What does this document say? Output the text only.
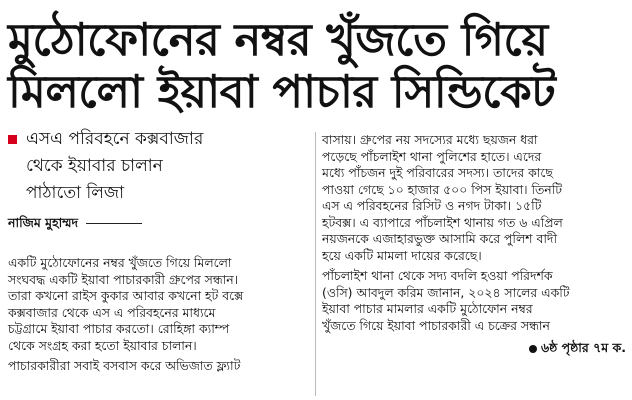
মুঠোফোনের নম্বর খুঁজতে গিয়ে
মিললো ইয়াবা পাচার সিন্ডিকেট
এসএ পরিবহনে কক্সবাজার
থেকে ইয়াবার চালান
পাঠাতো লিজা
নাজিম মুহাম্মদ
একটি মুঠোফোনের নম্বর খুঁজতে গিয়ে মিললো
সংঘবদ্ধ একটি ইয়াবা পাচারকারী গ্রুপের সন্ধান।
তারা কখনো রাইস কুকার আবার কখনো হট বক্সে
কক্সবাজার থেকে এস এ পরিবহনের মাধ্যমে
চট্টগ্রামে ইয়াবা পাচার করতো। রোহিঙ্গা ক্যাম্প
থেকে সংগ্রহ করা হতো ইয়াবার চালান।
পাচারকারীরা সবাই বসবাস করে অভিজাত ফ্ল্যাট
বাসায়। গ্রুপের নয় সদস্যের মধ্যে ছয়জন ধরা
পড়েছে পাঁচলাইশ থানা পুলিশের হাতে। এদের
মধ্যে পাঁচজন দুই পরিবারের সদস্য। তাদের কাছে
পাওয়া গেছে ১০ হাজার ৫০০ পিস ইয়াবা। তিনটি
এস এ পরিবহনের রিসিট ও নগদ টাকা। ১৫টি
হটবক্স। এ ব্যাপারে পাঁচলাইশ থানায় গত ৬ এপ্রিল
নয়জনকে এজাহারভুক্ত আসামি করে পুলিশ বাদী
হয়ে একটি মামলা দায়ের করেছে।
পাঁচলাইশ থানা থেকে সদ্য বদলি হওয়া পরিদর্শক
(ওসি) আবদুল করিম জানান, ২০২৪ সালের একটি
ইয়াবা পাচার মামলার একটি মুঠোফোন নম্বর
খুঁজতে গিয়ে ইয়াবা পাচারকারী এ চক্রের সন্ধান
৬ষ্ঠ পৃষ্ঠার ৭ম ক.
